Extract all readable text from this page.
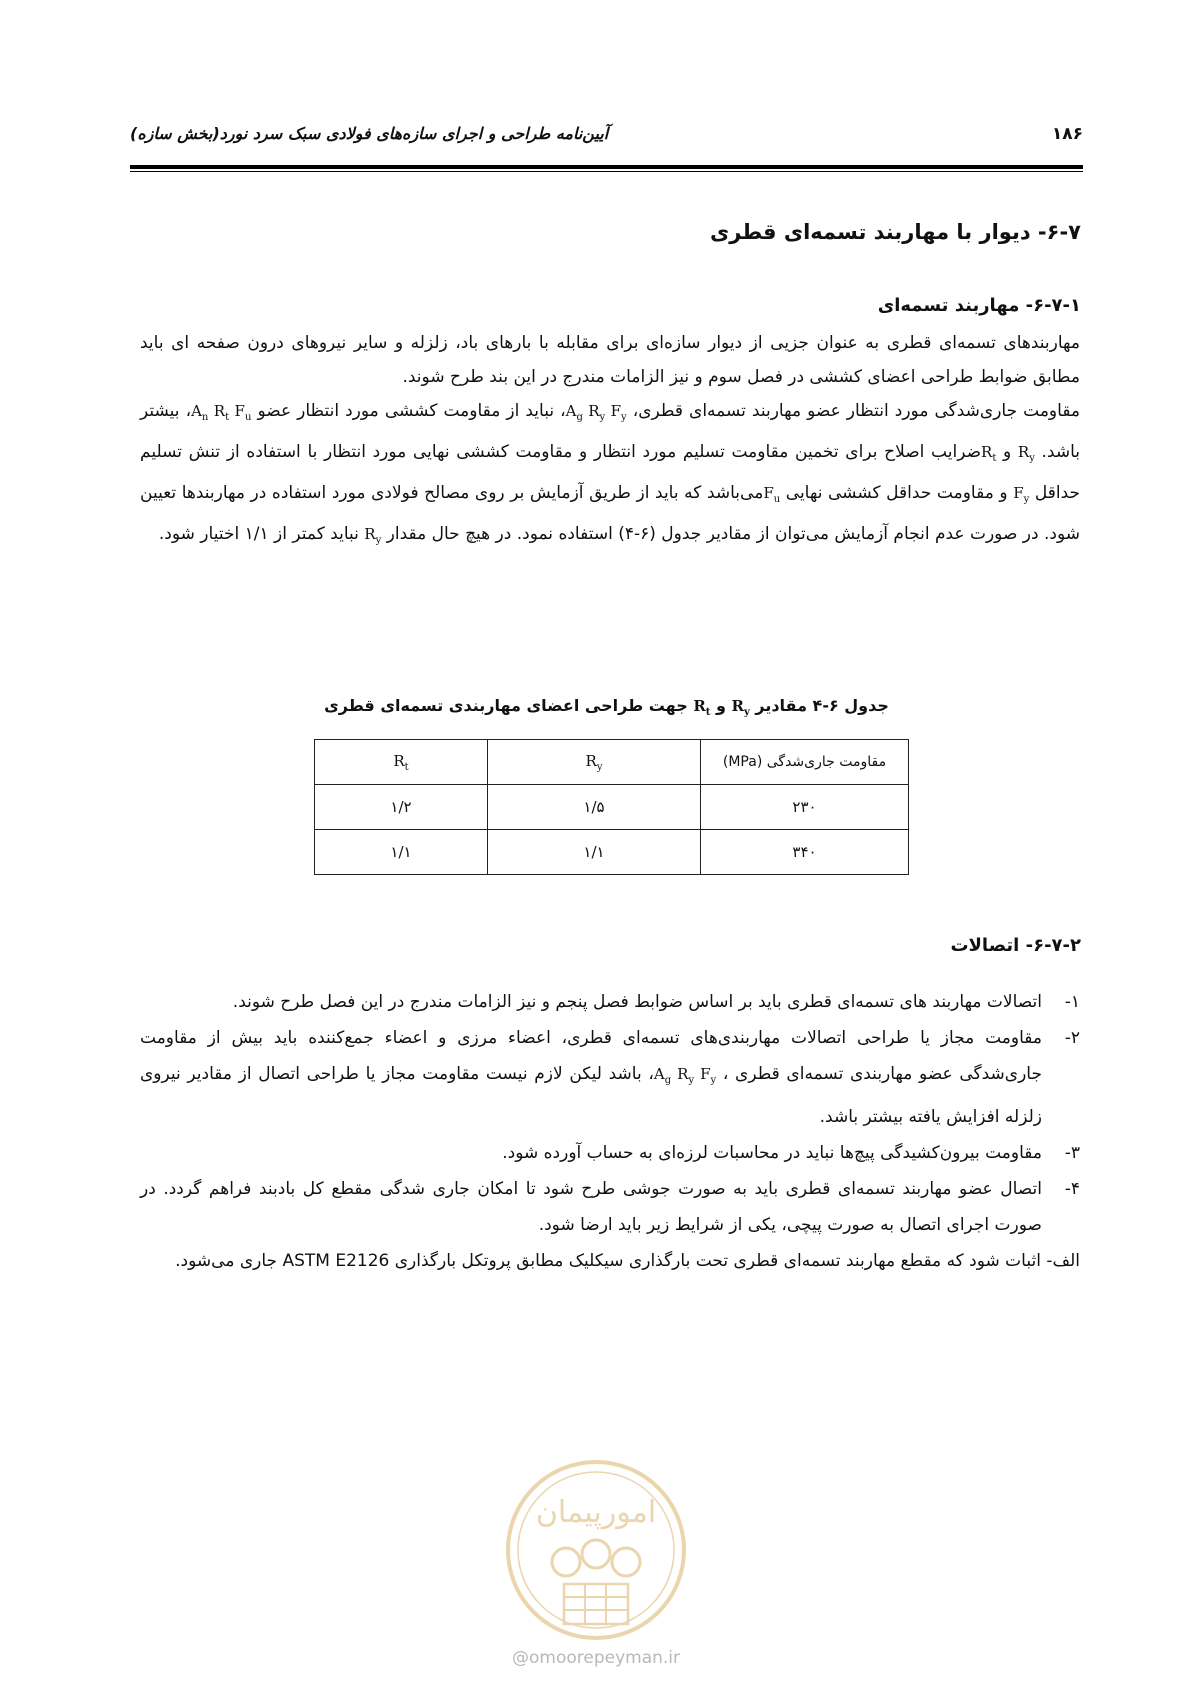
۱۸۶
آیین‌نامه طراحی و اجرای سازه‌های فولادی سبک سرد نورد(بخش سازه)
۶-۷- دیوار با مهاربند تسمه‌ای قطری
۶-۷-۱- مهاربند تسمه‌ای

مهاربندهای تسمه‌ای قطری به عنوان جزیی از دیوار سازه‌ای برای مقابله با بارهای باد، زلزله و سایر نیروهای درون صفحه ای باید مطابق ضوابط طراحی اعضای کششی در فصل سوم و نیز الزامات مندرج در این بند طرح شوند.

مقاومت جاری‌شدگی مورد انتظار عضو مهاربند تسمه‌ای قطری، $A_g$ $R_y$ $F_y،$ نباید از مقاومت کششی مورد انتظار عضو $A_n$ $R_t$ $F_u،$ بیشتر باشد. $R_y$ و $R_tضرایب$ اصلاح برای تخمین مقاومت تسلیم مورد انتظار و مقاومت کششی نهایی مورد انتظار با استفاده از تنش تسلیم حداقل $F_y$ و مقاومت حداقل کششی نهایی $F_uمی‌باشد$ که باید از طریق آزمایش بر روی مصالح فولادی مورد استفاده در مهاربندها تعیین شود. در صورت عدم انجام آزمایش می‌توان از مقادیر جدول (۶-۴) استفاده نمود. در هیچ حال مقدار $R_y$ نباید کمتر از ۱/۱ اختیار شود.

جدول ۶-۴ مقادیر $R_y$ و $R_t$ جهت طراحی اعضای مهاربندی تسمه‌ای قطری
مقاومت جاری‌شدگی (MPa)	$R_y$	$R_t$
۲۳۰	۱/۵	۱/۲
۳۴۰	۱/۱	۱/۱
۶-۷-۲- اتصالات
۱-
اتصالات مهاربند های تسمه‌ای قطری باید بر اساس ضوابط فصل پنجم و نیز الزامات مندرج در این فصل طرح شوند.
۲-
مقاومت مجاز یا طراحی اتصالات مهاربندی‌های تسمه‌ای قطری، اعضاء مرزی و اعضاء جمع‌کننده باید بیش از مقاومت جاری‌شدگی عضو مهاربندی تسمه‌ای قطری ، $A_g$ $R_y$ $F_y،$ باشد لیکن لازم نیست مقاومت مجاز یا طراحی اتصال از مقادیر نیروی زلزله افزایش یافته بیشتر باشد.
۳-
مقاومت بیرون‌کشیدگی پیچ‌ها نباید در محاسبات لرزه‌ای به حساب آورده شود.
۴-
اتصال عضو مهاربند تسمه‌ای قطری باید به صورت جوشی طرح شود تا امکان جاری شدگی مقطع کل بادبند فراهم گردد. در صورت اجرای اتصال به صورت پیچی، یکی از شرایط زیر باید ارضا شود.
الف- اثبات شود که مقطع مهاربند تسمه‌ای قطری تحت بارگذاری سیکلیک مطابق پروتکل بارگذاری ASTM E2126 جاری می‌شود.
امورپیمان
@omoorepeyman.ir
